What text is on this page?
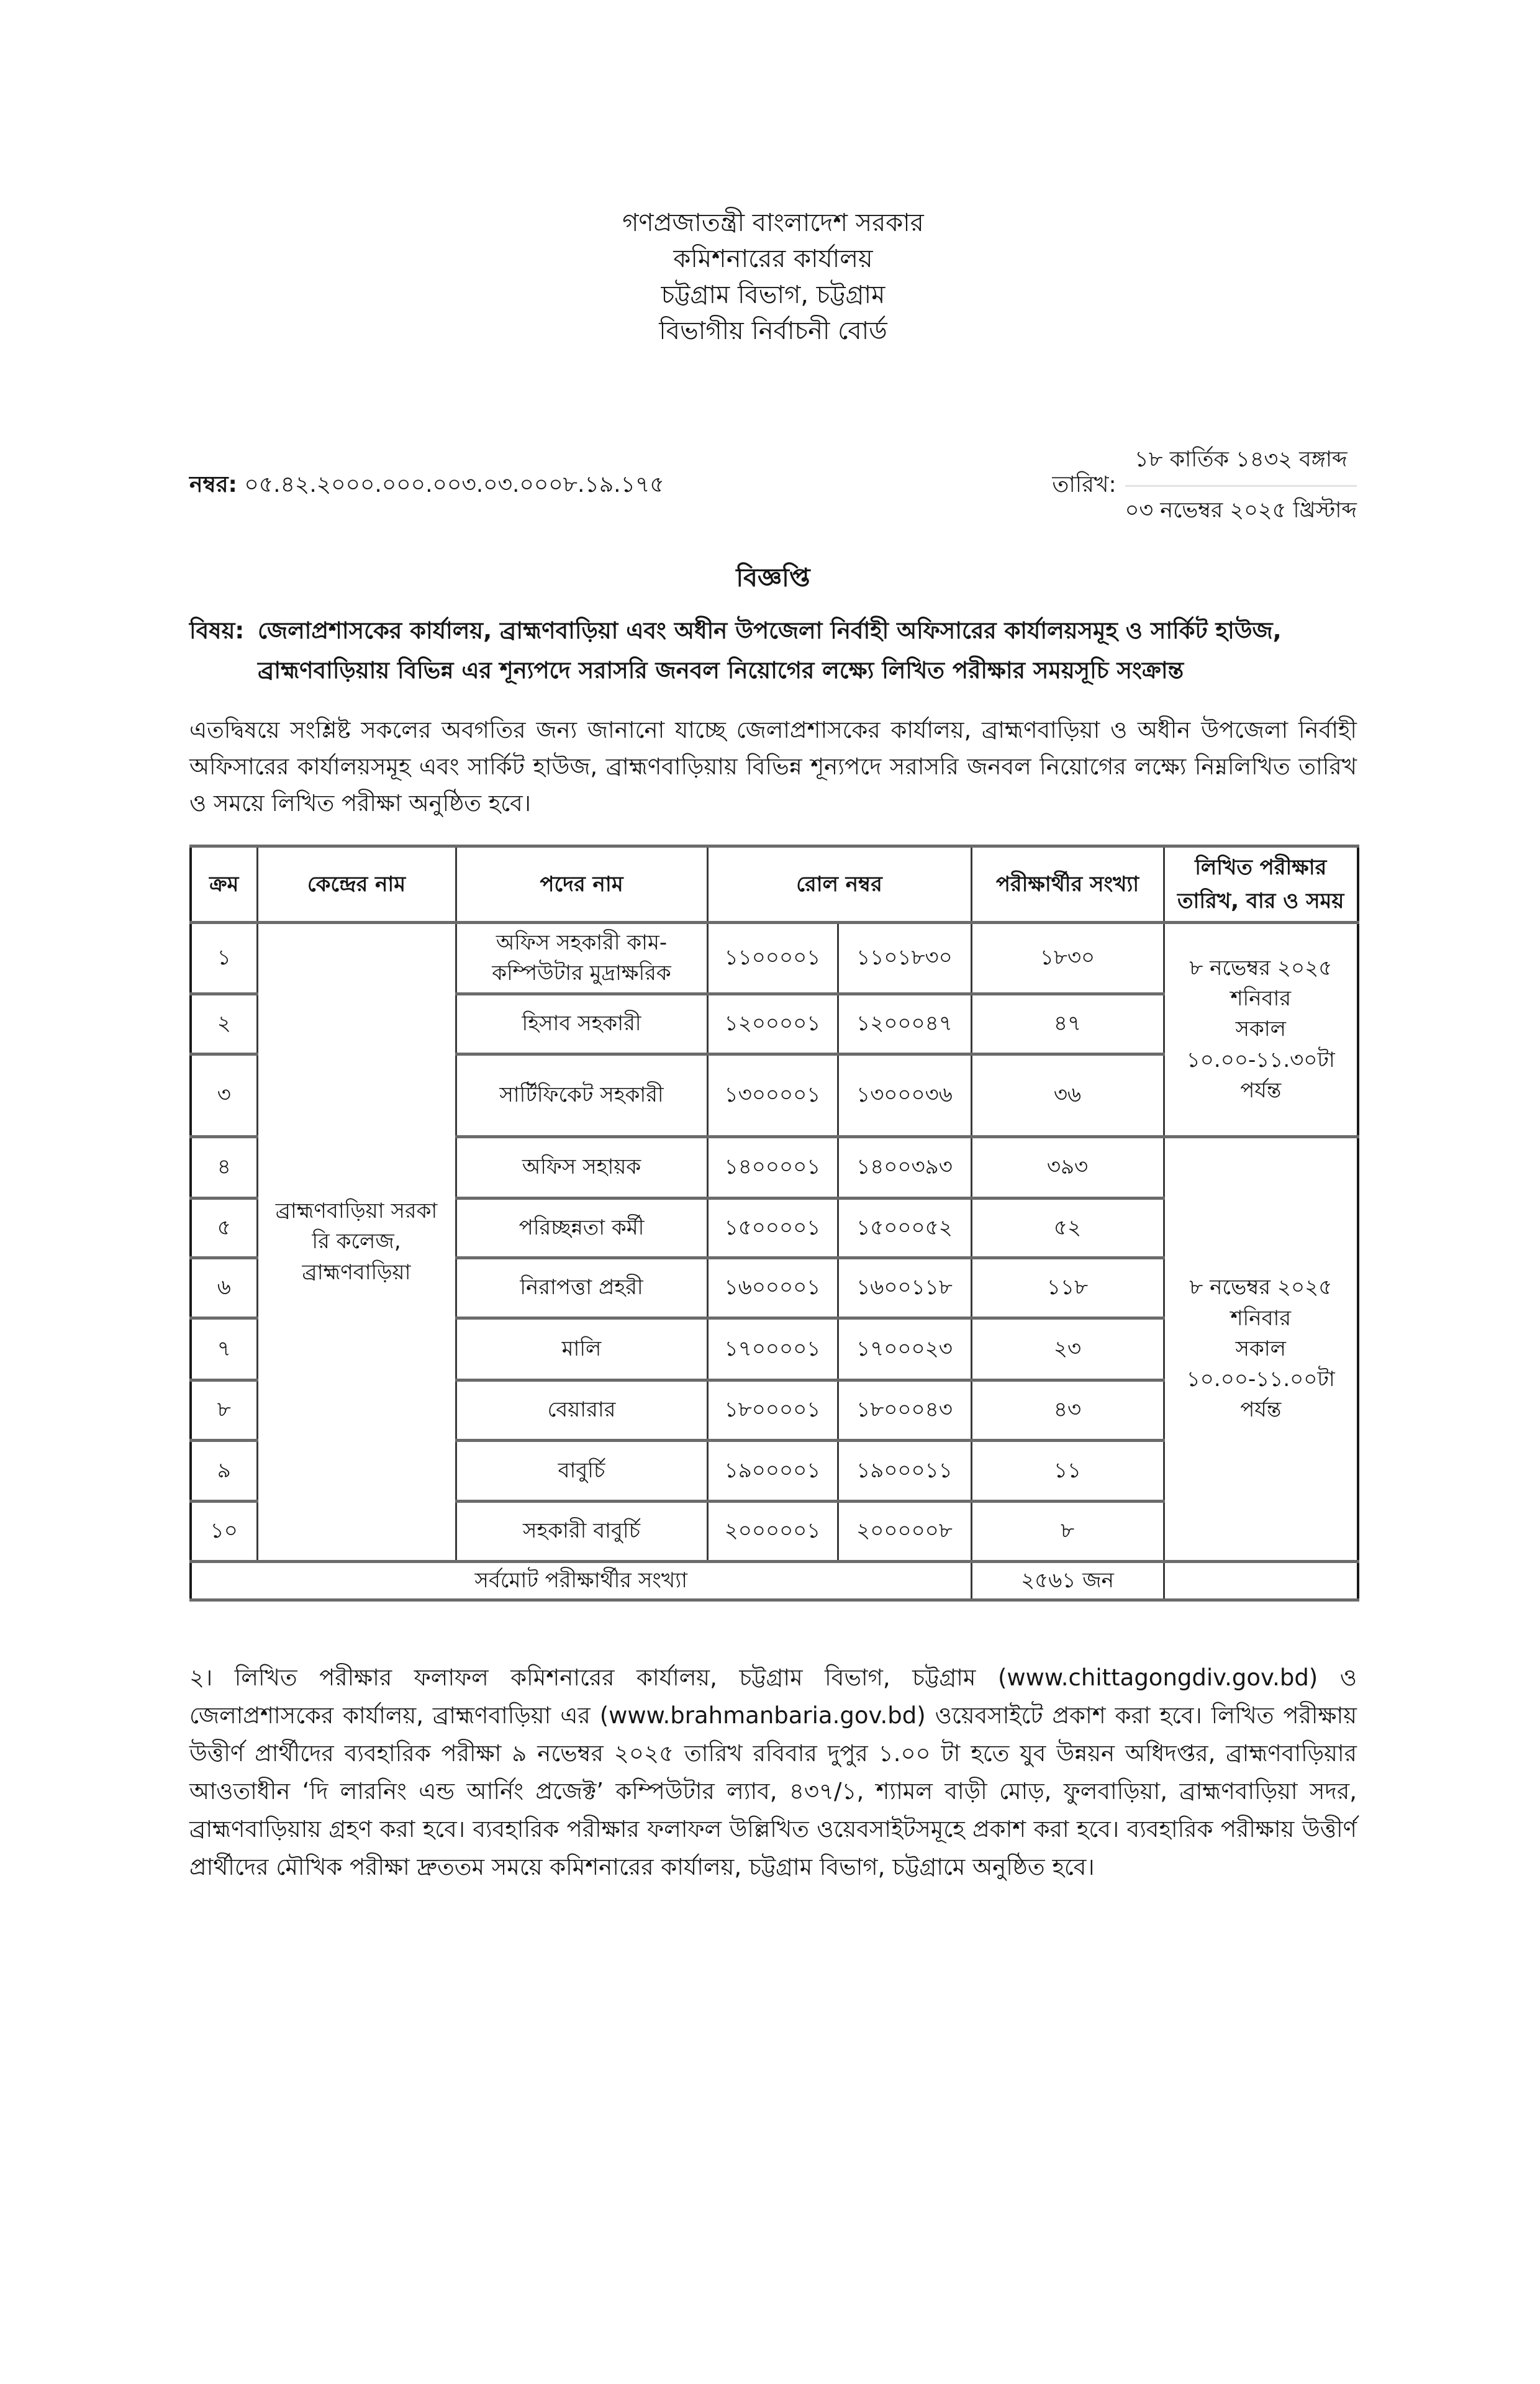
গণপ্রজাতন্ত্রী বাংলাদেশ সরকার
কমিশনারের কার্যালয়
চট্টগ্রাম বিভাগ, চট্টগ্রাম
বিভাগীয় নির্বাচনী বোর্ড
নম্বর: ০৫.৪২.২০০০.০০০.০০৩.০৩.০০০৮.১৯.১৭৫	তারিখ:
১৮ কার্তিক ১৪৩২ বঙ্গাব্দ
০৩ নভেম্বর ২০২৫ খ্রিস্টাব্দ
বিজ্ঞপ্তি
বিষয়: জেলাপ্রশাসকের কার্যালয়, ব্রাহ্মণবাড়িয়া এবং অধীন উপজেলা নির্বাহী অফিসারের কার্যালয়সমূহ ও সার্কিট হাউজ, ব্রাহ্মণবাড়িয়ায় বিভিন্ন এর শূন্যপদে সরাসরি জনবল নিয়োগের লক্ষ্যে লিখিত পরীক্ষার সময়সূচি সংক্রান্ত

এতদ্বিষয়ে সংশ্লিষ্ট সকলের অবগতির জন্য জানানো যাচ্ছে জেলাপ্রশাসকের কার্যালয়, ব্রাহ্মণবাড়িয়া ও অধীন উপজেলা নির্বাহী অফিসারের কার্যালয়সমূহ এবং সার্কিট হাউজ, ব্রাহ্মণবাড়িয়ায় বিভিন্ন শূন্যপদে সরাসরি জনবল নিয়োগের লক্ষ্যে নিম্নলিখিত তারিখ ও সময়ে লিখিত পরীক্ষা অনুষ্ঠিত হবে।

ক্রম	কেন্দ্রের নাম	পদের নাম	রোল নম্বর		পরীক্ষার্থীর সংখ্যা	লিখিত পরীক্ষার তারিখ, বার ও সময়
১	ব্রাহ্মণবাড়িয়া সরকা
রি কলেজ,
ব্রাহ্মণবাড়িয়া	অফিস সহকারী কাম-
কম্পিউটার মুদ্রাক্ষরিক	১১০০০০১	১১০১৮৩০	১৮৩০	৮ নভেম্বর ২০২৫
শনিবার
সকাল
১০.০০-১১.৩০টা
পর্যন্ত
২		হিসাব সহকারী	১২০০০০১	১২০০০৪৭	৪৭	
৩		সার্টিফিকেট সহকারী	১৩০০০০১	১৩০০০৩৬	৩৬	
৪		অফিস সহায়ক	১৪০০০০১	১৪০০৩৯৩	৩৯৩	৮ নভেম্বর ২০২৫
শনিবার
সকাল
১০.০০-১১.০০টা
পর্যন্ত
৫		পরিচ্ছন্নতা কর্মী	১৫০০০০১	১৫০০০৫২	৫২	
৬		নিরাপত্তা প্রহরী	১৬০০০০১	১৬০০১১৮	১১৮	
৭		মালি	১৭০০০০১	১৭০০০২৩	২৩	
৮		বেয়ারার	১৮০০০০১	১৮০০০৪৩	৪৩	
৯		বাবুর্চি	১৯০০০০১	১৯০০০১১	১১	
১০		সহকারী বাবুর্চি	২০০০০০১	২০০০০০৮	৮	
সর্বমোট পরীক্ষার্থীর সংখ্যা					২৫৬১ জন	

২। লিখিত পরীক্ষার ফলাফল কমিশনারের কার্যালয়, চট্টগ্রাম বিভাগ, চট্টগ্রাম (www.chittagongdiv.gov.bd) ও জেলাপ্রশাসকের কার্যালয়, ব্রাহ্মণবাড়িয়া এর (www.brahmanbaria.gov.bd) ওয়েবসাইটে প্রকাশ করা হবে। লিখিত পরীক্ষায় উত্তীর্ণ প্রার্থীদের ব্যবহারিক পরীক্ষা ৯ নভেম্বর ২০২৫ তারিখ রবিবার দুপুর ১.০০ টা হতে যুব উন্নয়ন অধিদপ্তর, ব্রাহ্মণবাড়িয়ার আওতাধীন ‘দি লারনিং এন্ড আর্নিং প্রজেক্ট’ কম্পিউটার ল্যাব, ৪৩৭/১, শ্যামল বাড়ী মোড়, ফুলবাড়িয়া, ব্রাহ্মণবাড়িয়া সদর, ব্রাহ্মণবাড়িয়ায় গ্রহণ করা হবে। ব্যবহারিক পরীক্ষার ফলাফল উল্লিখিত ওয়েবসাইটসমূহে প্রকাশ করা হবে। ব্যবহারিক পরীক্ষায় উত্তীর্ণ প্রার্থীদের মৌখিক পরীক্ষা দ্রুততম সময়ে কমিশনারের কার্যালয়, চট্টগ্রাম বিভাগ, চট্টগ্রামে অনুষ্ঠিত হবে।
